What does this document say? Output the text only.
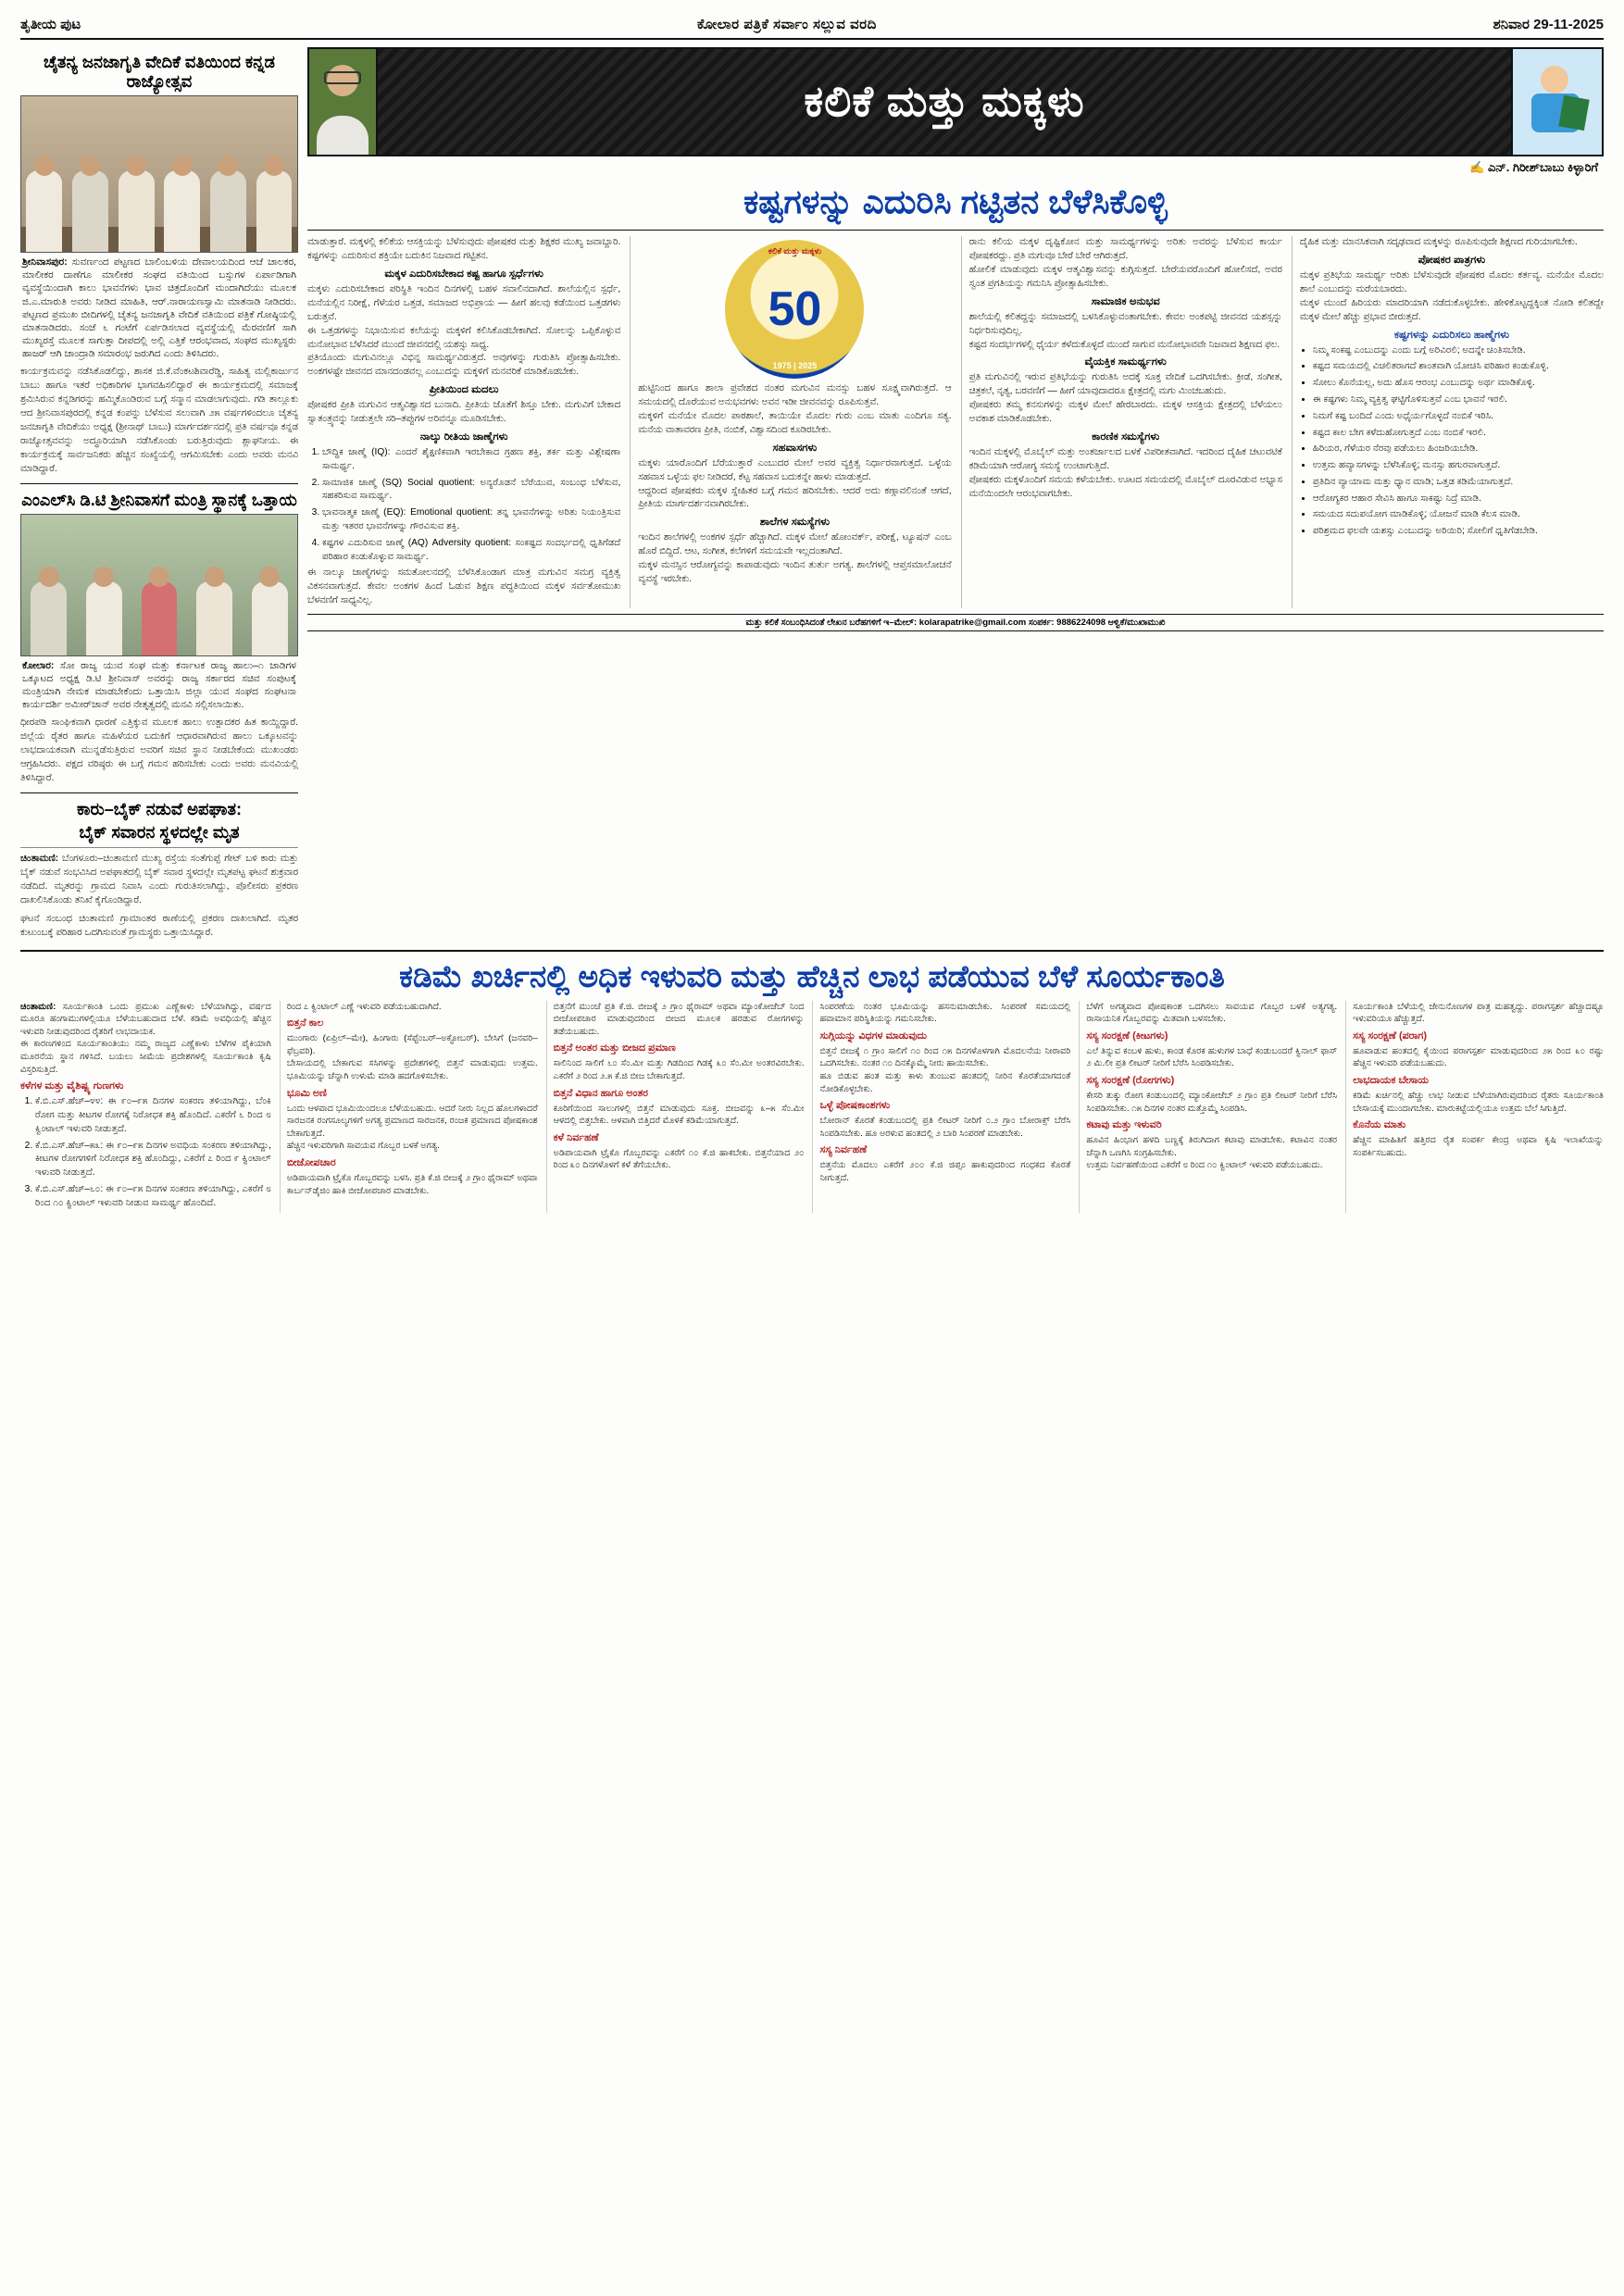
ತೃತೀಯ ಪುಟ	ಕೋಲಾರ ಪತ್ರಿಕೆ ಸರ್ವಾಂ ಸಲ್ಲುವ ವರದಿ	ಶನಿವಾರ 29-11-2025
ಚೈತನ್ಯ ಜನಜಾಗೃತಿ ವೇದಿಕೆ ವತಿಯಿಂದ ಕನ್ನಡ ರಾಜ್ಯೋತ್ಸವ
ಶ್ರೀನಿವಾಸಪುರ: ಸುವರ್ಣಂದ ಪಟ್ಟಣದ ಬಾಲಿಂಬಳಿಯ ದೇವಾಲಯದಿಂದ ಆಚೆ ಚಾಲಕರ, ಮಾಲೀಕರ ದಾಣೆಗೂ ಮಾಲೀಕರ ಸಂಘದ ವತಿಯಿಂದ ಬಸ್ಸುಗಳ ಏರ್ಪಾಡಿಗಾಗಿ ವ್ಯವಸ್ಥೆಯಿಂದಾಗಿ ಕಾಲು ಭಾವನೆಗಳು ಭಾವ ಚಿತ್ರದೊಂದಿಗೆ ಮಂದಾಗಿದೆಯು ಮೂಲಕ ಜಿ.ಎ.ಮಾರುತಿ ಅವರು ನೀಡಿದ ಮಾಹಿತಿ, ಆರ್.ನಾರಾಯಣಸ್ವಾಮಿ ಮಾತನಾಡಿ ನೀಡಿದರು. ಪಟ್ಟಣದ ಪ್ರಮುಖ ಬೀದಿಗಳಲ್ಲಿ ಚೈತನ್ಯ ಜನಜಾಗೃತಿ ವೇದಿಕೆ ವತಿಯಿಂದ ಪತ್ರಿಕೆ ಗೋಷ್ಠಿಯಲ್ಲಿ ಮಾತನಾಡಿದರು. ಸಂಜೆ ೬ ಗಂಟೆಗೆ ಏರ್ಪಡಿಸಲಾದ ವ್ಯವಸ್ಥೆಯಲ್ಲಿ ಮೆರವಣಿಗೆ ಸಾಗಿ ಮುಖ್ಯರಸ್ತೆ ಮೂಲಕ ಸಾಗುತ್ತಾ ದೀಪದಲ್ಲಿ ಅಲ್ಲಿ ಎತ್ತಿಕೆ ಆರಂಭವಾದ, ಸಂಘದ ಮುಖ್ಯಸ್ಥರು ಹಾಜರ್ ಆಗಿ ಚಾಂದ್ರಾಡಿ ಸಮಾರಂಭ ಜರುಗಿದ ಎಂದು ತಿಳಿಸಿದರು.
ಕಾರ್ಯಕ್ರಮವನ್ನು ನಡೆಸಿಕೊಡಲಿದ್ದು, ಶಾಸಕ ಜಿ.ಕೆ.ವೆಂಕಟಶಿವಾರೆಡ್ಡಿ, ಸಾಹಿತ್ಯ ಮಲ್ಲಿಕಾರ್ಜುನ ಬಾಬು ಹಾಗೂ ಇತರೆ ಅಧಿಕಾರಿಗಳ ಭಾಗವಹಿಸಲಿದ್ದಾರೆ ಈ ಕಾರ್ಯಕ್ರಮದಲ್ಲಿ ಸಮಾಜಕ್ಕೆ ಶ್ರಮಿಸಿರುವ ಕನ್ನಡಿಗರನ್ನು ಹಮ್ಮಿಕೊಂಡಿರುವ ಬಗ್ಗೆ ಸನ್ಮಾನ ಮಾಡಲಾಗುವುದು. ಗಡಿ ತಾಲ್ಲೂಕು ಆದ ಶ್ರೀನಿವಾಸಪುರದಲ್ಲಿ ಕನ್ನಡ ಕಂಪನ್ನು ಬೆಳೆಸುವ ಸಲುವಾಗಿ ೨೫ ವರ್ಷಗಳಿಂದಲೂ ಚೈತನ್ಯ ಜನಜಾಗೃತಿ ವೇದಿಕೆಯು ಅಧ್ಯಕ್ಷ (ಶ್ರೀನಾಥ್ ಬಾಬು) ಮಾರ್ಗದರ್ಶನದಲ್ಲಿ ಪ್ರತಿ ವರ್ಷವೂ ಕನ್ನಡ ರಾಜ್ಯೋತ್ಸವವನ್ನು ಅದ್ಧೂರಿಯಾಗಿ ನಡೆಸಿಕೊಂಡು ಬರುತ್ತಿರುವುದು ಶ್ಲಾಘನೀಯ. ಈ ಕಾರ್ಯಕ್ರಮಕ್ಕೆ ಸಾರ್ವಜನಿಕರು ಹೆಚ್ಚಿನ ಸಂಖ್ಯೆಯಲ್ಲಿ ಆಗಮಿಸಬೇಕು ಎಂದು ಅವರು ಮನವಿ ಮಾಡಿದ್ದಾರೆ.
ಎಂಎಲ್‌ಸಿ ಡಿ.ಟಿ ಶ್ರೀನಿವಾಸಗೆ ಮಂತ್ರಿ ಸ್ಥಾನಕ್ಕೆ ಒತ್ತಾಯ
ಕೋಲಾರ: ಸೋ ರಾಜ್ಯ ಯುವ ಸಂಘ ಮತ್ತು ಕರ್ನಾಟಕ ರಾಜ್ಯ ಹಾಲು–೧ ಜಾಡಿಗಳ ಒಕ್ಕೂಟದ ಅಧ್ಯಕ್ಷ ಡಿ.ಟಿ ಶ್ರೀನಿವಾಸ್ ಅವರನ್ನು ರಾಜ್ಯ ಸರ್ಕಾರದ ಸಚಿವ ಸಂಪುಟಕ್ಕೆ ಮಂತ್ರಿಯಾಗಿ ನೇಮಕ ಮಾಡಬೇಕೆಂದು ಒತ್ತಾಯಿಸಿ ಜಿಲ್ಲಾ ಯುವ ಸಂಘದ ಸಂಘಟನಾ ಕಾರ್ಯದರ್ಶಿ ಅಮೀರ್‌ಜಾನ್ ಅವರ ನೇತೃತ್ವದಲ್ಲಿ ಮನವಿ ಸಲ್ಲಿಸಲಾಯಿತು.
ಧೀರಪಡಿ ಸಾಂಘಿಕವಾಗಿ ಧಾರಣೆ ಎತ್ತಿಕ್ಕುವ ಮೂಲಕ ಹಾಲು ಉತ್ಪಾದಕರ ಹಿತ ಕಾಯ್ದಿದ್ದಾರೆ. ಜಿಲ್ಲೆಯ ರೈತರ ಹಾಗೂ ಮಹಿಳೆಯರ ಬದುಕಿಗೆ ಆಧಾರವಾಗಿರುವ ಹಾಲು ಒಕ್ಕೂಟವನ್ನು ಲಾಭದಾಯಕವಾಗಿ ಮುನ್ನಡೆಸುತ್ತಿರುವ ಅವರಿಗೆ ಸಚಿವ ಸ್ಥಾನ ನೀಡಬೇಕೆಂದು ಮುಖಂಡರು ಆಗ್ರಹಿಸಿದರು. ಪಕ್ಷದ ವರಿಷ್ಠರು ಈ ಬಗ್ಗೆ ಗಮನ ಹರಿಸಬೇಕು ಎಂದು ಅವರು ಮನವಿಯಲ್ಲಿ ತಿಳಿಸಿದ್ದಾರೆ.
ಕಾರು–ಬೈಕ್ ನಡುವೆ ಅಪಘಾತ:
ಬೈಕ್ ಸವಾರನ ಸ್ಥಳದಲ್ಲೇ ಮೃತ
ಚಿಂತಾಮಣಿ: ಬೆಂಗಳೂರು–ಚಿಂತಾಮಣಿ ಮುಖ್ಯ ರಸ್ತೆಯ ಸಂತೆಗುಪ್ಪೆ ಗೇಟ್ ಬಳಿ ಕಾರು ಮತ್ತು ಬೈಕ್ ನಡುವೆ ಸಂಭವಿಸಿದ ಅಪಘಾತದಲ್ಲಿ ಬೈಕ್ ಸವಾರ ಸ್ಥಳದಲ್ಲೇ ಮೃತಪಟ್ಟ ಘಟನೆ ಶುಕ್ರವಾರ ನಡೆದಿದೆ. ಮೃತರನ್ನು ಗ್ರಾಮದ ನಿವಾಸಿ ಎಂದು ಗುರುತಿಸಲಾಗಿದ್ದು, ಪೊಲೀಸರು ಪ್ರಕರಣ ದಾಖಲಿಸಿಕೊಂಡು ತನಿಖೆ ಕೈಗೊಂಡಿದ್ದಾರೆ.
ಘಟನೆ ಸಂಬಂಧ ಚಿಂತಾಮಣಿ ಗ್ರಾಮಾಂತರ ಠಾಣೆಯಲ್ಲಿ ಪ್ರಕರಣ ದಾಖಲಾಗಿದೆ. ಮೃತರ ಕುಟುಂಬಕ್ಕೆ ಪರಿಹಾರ ಒದಗಿಸುವಂತೆ ಗ್ರಾಮಸ್ಥರು ಒತ್ತಾಯಿಸಿದ್ದಾರೆ.
ಕಲಿಕೆ ಮತ್ತು ಮಕ್ಕಳು
✍ ಎನ್. ಗಿರೀಶ್‌ಬಾಬು ಕಿಳ್ಳಾರಿಗೆ
ಕಷ್ಟಗಳನ್ನು ಎದುರಿಸಿ ಗಟ್ಟಿತನ ಬೆಳೆಸಿಕೊಳ್ಳಿ
ಮಾಡುತ್ತಾರೆ. ಮಕ್ಕಳಲ್ಲಿ ಕಲಿಕೆಯ ಆಸಕ್ತಿಯನ್ನು ಬೆಳೆಸುವುದು ಪೋಷಕರ ಮತ್ತು ಶಿಕ್ಷಕರ ಮುಖ್ಯ ಜವಾಬ್ದಾರಿ. ಕಷ್ಟಗಳನ್ನು ಎದುರಿಸುವ ಶಕ್ತಿಯೇ ಬದುಕಿನ ನಿಜವಾದ ಗಟ್ಟಿತನ.
ಮಕ್ಕಳ ಎದುರಿಸಬೇಕಾದ ಕಷ್ಟ ಹಾಗೂ ಸ್ಪರ್ಧೆಗಳು
ಮಕ್ಕಳು ಎದುರಿಸಬೇಕಾದ ಪರಿಸ್ಥಿತಿ ಇಂದಿನ ದಿನಗಳಲ್ಲಿ ಬಹಳ ಸವಾಲಿನದಾಗಿದೆ. ಶಾಲೆಯಲ್ಲಿನ ಸ್ಪರ್ಧೆ, ಮನೆಯಲ್ಲಿನ ನಿರೀಕ್ಷೆ, ಗೆಳೆಯರ ಒತ್ತಡ, ಸಮಾಜದ ಅಭಿಪ್ರಾಯ — ಹೀಗೆ ಹಲವು ಕಡೆಯಿಂದ ಒತ್ತಡಗಳು ಬರುತ್ತವೆ.
ಈ ಒತ್ತಡಗಳನ್ನು ನಿಭಾಯಿಸುವ ಕಲೆಯನ್ನು ಮಕ್ಕಳಿಗೆ ಕಲಿಸಿಕೊಡಬೇಕಾಗಿದೆ. ಸೋಲನ್ನು ಒಪ್ಪಿಕೊಳ್ಳುವ ಮನೋಭಾವ ಬೆಳೆಸಿದರೆ ಮುಂದೆ ಜೀವನದಲ್ಲಿ ಯಶಸ್ಸು ಸಾಧ್ಯ.
ಪ್ರತಿಯೊಂದು ಮಗುವಿನಲ್ಲೂ ವಿಭಿನ್ನ ಸಾಮರ್ಥ್ಯವಿರುತ್ತದೆ. ಅವುಗಳನ್ನು ಗುರುತಿಸಿ ಪ್ರೋತ್ಸಾಹಿಸಬೇಕು. ಅಂಕಗಳಷ್ಟೇ ಜೀವನದ ಮಾನದಂಡವಲ್ಲ ಎಂಬುದನ್ನು ಮಕ್ಕಳಿಗೆ ಮನವರಿಕೆ ಮಾಡಿಕೊಡಬೇಕು.
ಪ್ರೀತಿಯಿಂದ ಮದಲು
ಪೋಷಕರ ಪ್ರೀತಿ ಮಗುವಿನ ಆತ್ಮವಿಶ್ವಾಸದ ಬುನಾದಿ. ಪ್ರೀತಿಯ ಜೊತೆಗೆ ಶಿಸ್ತೂ ಬೇಕು. ಮಗುವಿಗೆ ಬೇಕಾದ ಸ್ವಾತಂತ್ರ್ಯವನ್ನು ನೀಡುತ್ತಲೇ ಸರಿ–ತಪ್ಪುಗಳ ಅರಿವನ್ನೂ ಮೂಡಿಸಬೇಕು.
ನಾಲ್ಕು ರೀತಿಯ ಜಾಣ್ಮೆಗಳು
1. ಬೌದ್ಧಿಕ ಜಾಣ್ಮೆ (IQ): ಎಂದರೆ ಶೈಕ್ಷಣಿಕವಾಗಿ ಇರಬೇಕಾದ ಗ್ರಹಣ ಶಕ್ತಿ, ತರ್ಕ ಮತ್ತು ವಿಶ್ಲೇಷಣಾ ಸಾಮರ್ಥ್ಯ.
2. ಸಾಮಾಜಿಕ ಜಾಣ್ಮೆ (SQ) Social quotient: ಅನ್ಯರೊಡನೆ ಬೆರೆಯುವ, ಸಂಬಂಧ ಬೆಳೆಸುವ, ಸಹಕರಿಸುವ ಸಾಮರ್ಥ್ಯ.
3. ಭಾವನಾತ್ಮಕ ಜಾಣ್ಮೆ (EQ): Emotional quotient: ತನ್ನ ಭಾವನೆಗಳನ್ನು ಅರಿತು ನಿಯಂತ್ರಿಸುವ ಮತ್ತು ಇತರರ ಭಾವನೆಗಳನ್ನು ಗೌರವಿಸುವ ಶಕ್ತಿ.
4. ಕಷ್ಟಗಳ ಎದುರಿಸುವ ಜಾಣ್ಮೆ (AQ) Adversity quotient: ಸಂಕಷ್ಟದ ಸಂದರ್ಭದಲ್ಲಿ ಧೃತಿಗೆಡದೆ ಪರಿಹಾರ ಕಂಡುಕೊಳ್ಳುವ ಸಾಮರ್ಥ್ಯ.
ಈ ನಾಲ್ಕೂ ಜಾಣ್ಮೆಗಳನ್ನು ಸಮತೋಲನದಲ್ಲಿ ಬೆಳೆಸಿಕೊಂಡಾಗ ಮಾತ್ರ ಮಗುವಿನ ಸಮಗ್ರ ವ್ಯಕ್ತಿತ್ವ ವಿಕಸನವಾಗುತ್ತದೆ. ಕೇವಲ ಅಂಕಗಳ ಹಿಂದೆ ಓಡುವ ಶಿಕ್ಷಣ ಪದ್ಧತಿಯಿಂದ ಮಕ್ಕಳ ಸರ್ವತೋಮುಖ ಬೆಳವಣಿಗೆ ಸಾಧ್ಯವಿಲ್ಲ.
ಕಲಿಕೆ ಮತ್ತು ಮಕ್ಕಳು
50
1975 | 2025
ಹುಟ್ಟಿನಿಂದ ಹಾಗೂ ಶಾಲಾ ಪ್ರವೇಶದ ನಂತರ ಮಗುವಿನ ಮನಸ್ಸು ಬಹಳ ಸೂಕ್ಷ್ಮವಾಗಿರುತ್ತದೆ. ಆ ಸಮಯದಲ್ಲಿ ದೊರೆಯುವ ಅನುಭವಗಳು ಅವನ ಇಡೀ ಜೀವನವನ್ನು ರೂಪಿಸುತ್ತವೆ.
ಮಕ್ಕಳಿಗೆ ಮನೆಯೇ ಮೊದಲ ಪಾಠಶಾಲೆ, ತಾಯಿಯೇ ಮೊದಲ ಗುರು ಎಂಬ ಮಾತು ಎಂದಿಗೂ ಸತ್ಯ. ಮನೆಯ ವಾತಾವರಣ ಪ್ರೀತಿ, ನಂಬಿಕೆ, ವಿಶ್ವಾಸದಿಂದ ಕೂಡಿರಬೇಕು.
ಸಹವಾಸಗಳು
ಮಕ್ಕಳು ಯಾರೊಂದಿಗೆ ಬೆರೆಯುತ್ತಾರೆ ಎಂಬುದರ ಮೇಲೆ ಅವರ ವ್ಯಕ್ತಿತ್ವ ನಿರ್ಧಾರವಾಗುತ್ತದೆ. ಒಳ್ಳೆಯ ಸಹವಾಸ ಒಳ್ಳೆಯ ಫಲ ನೀಡಿದರೆ, ಕೆಟ್ಟ ಸಹವಾಸ ಬದುಕನ್ನೇ ಹಾಳು ಮಾಡುತ್ತದೆ.
ಆದ್ದರಿಂದ ಪೋಷಕರು ಮಕ್ಕಳ ಸ್ನೇಹಿತರ ಬಗ್ಗೆ ಗಮನ ಹರಿಸಬೇಕು. ಆದರೆ ಅದು ಕಣ್ಗಾವಲಿನಂತೆ ಆಗದೆ, ಪ್ರೀತಿಯ ಮಾರ್ಗದರ್ಶನವಾಗಿರಬೇಕು.
ಶಾಲೆಗಳ ಸಮಸ್ಯೆಗಳು
ಇಂದಿನ ಶಾಲೆಗಳಲ್ಲಿ ಅಂಕಗಳ ಸ್ಪರ್ಧೆ ಹೆಚ್ಚಾಗಿದೆ. ಮಕ್ಕಳ ಮೇಲೆ ಹೋಂವರ್ಕ್, ಪರೀಕ್ಷೆ, ಟ್ಯೂಷನ್ ಎಂಬ ಹೊರೆ ಬಿದ್ದಿದೆ. ಆಟ, ಸಂಗೀತ, ಕಲೆಗಳಿಗೆ ಸಮಯವೇ ಇಲ್ಲದಂತಾಗಿದೆ.
ಮಕ್ಕಳ ಮನಸ್ಸಿನ ಆರೋಗ್ಯವನ್ನು ಕಾಪಾಡುವುದು ಇಂದಿನ ತುರ್ತು ಅಗತ್ಯ. ಶಾಲೆಗಳಲ್ಲಿ ಆಪ್ತಸಮಾಲೋಚನೆ ವ್ಯವಸ್ಥೆ ಇರಬೇಕು.
ರಾನು ಕಲಿಯ ಮಕ್ಕಳ ದೃಷ್ಟಿಕೋನ ಮತ್ತು ಸಾಮರ್ಥ್ಯಗಳನ್ನು ಅರಿತು ಅವರನ್ನು ಬೆಳೆಸುವ ಕಾರ್ಯ ಪೋಷಕರದ್ದು. ಪ್ರತಿ ಮಗುವೂ ಬೇರೆ ಬೇರೆ ಆಗಿರುತ್ತದೆ.
ಹೋಲಿಕೆ ಮಾಡುವುದು ಮಕ್ಕಳ ಆತ್ಮವಿಶ್ವಾಸವನ್ನು ಕುಗ್ಗಿಸುತ್ತದೆ. ಬೇರೆಯವರೊಂದಿಗೆ ಹೋಲಿಸದೆ, ಅವರ ಸ್ವಂತ ಪ್ರಗತಿಯನ್ನು ಗಮನಿಸಿ ಪ್ರೋತ್ಸಾಹಿಸಬೇಕು.
ಸಾಮಾಜಿಕ ಅನುಭವ
ಶಾಲೆಯಲ್ಲಿ ಕಲಿತದ್ದನ್ನು ಸಮಾಜದಲ್ಲಿ ಬಳಸಿಕೊಳ್ಳುವಂತಾಗಬೇಕು. ಕೇವಲ ಅಂಕಪಟ್ಟಿ ಜೀವನದ ಯಶಸ್ಸನ್ನು ನಿರ್ಧರಿಸುವುದಿಲ್ಲ.
ಕಷ್ಟದ ಸಂದರ್ಭಗಳಲ್ಲಿ ಧೈರ್ಯ ಕಳೆದುಕೊಳ್ಳದೆ ಮುಂದೆ ಸಾಗುವ ಮನೋಭಾವವೇ ನಿಜವಾದ ಶಿಕ್ಷಣದ ಫಲ.
ವೈಯಕ್ತಿಕ ಸಾಮರ್ಥ್ಯಗಳು
ಪ್ರತಿ ಮಗುವಿನಲ್ಲಿ ಇರುವ ಪ್ರತಿಭೆಯನ್ನು ಗುರುತಿಸಿ ಅದಕ್ಕೆ ಸೂಕ್ತ ವೇದಿಕೆ ಒದಗಿಸಬೇಕು. ಕ್ರೀಡೆ, ಸಂಗೀತ, ಚಿತ್ರಕಲೆ, ನೃತ್ಯ, ಬರವಣಿಗೆ — ಹೀಗೆ ಯಾವುದಾದರೂ ಕ್ಷೇತ್ರದಲ್ಲಿ ಮಗು ಮಿಂಚಬಹುದು.
ಪೋಷಕರು ತಮ್ಮ ಕನಸುಗಳನ್ನು ಮಕ್ಕಳ ಮೇಲೆ ಹೇರಬಾರದು. ಮಕ್ಕಳ ಆಸಕ್ತಿಯ ಕ್ಷೇತ್ರದಲ್ಲಿ ಬೆಳೆಯಲು ಅವಕಾಶ ಮಾಡಿಕೊಡಬೇಕು.
ಕಾರಣಿಕ ಸಮಸ್ಯೆಗಳು
ಇಂದಿನ ಮಕ್ಕಳಲ್ಲಿ ಮೊಬೈಲ್ ಮತ್ತು ಅಂತರ್ಜಾಲದ ಬಳಕೆ ವಿಪರೀತವಾಗಿದೆ. ಇದರಿಂದ ದೈಹಿಕ ಚಟುವಟಿಕೆ ಕಡಿಮೆಯಾಗಿ ಆರೋಗ್ಯ ಸಮಸ್ಯೆ ಉಂಟಾಗುತ್ತಿದೆ.
ಪೋಷಕರು ಮಕ್ಕಳೊಂದಿಗೆ ಸಮಯ ಕಳೆಯಬೇಕು. ಊಟದ ಸಮಯದಲ್ಲಿ ಮೊಬೈಲ್ ದೂರವಿಡುವ ಅಭ್ಯಾಸ ಮನೆಯಿಂದಲೇ ಆರಂಭವಾಗಬೇಕು.
ದೈಹಿಕ ಮತ್ತು ಮಾನಸಿಕವಾಗಿ ಸದೃಢವಾದ ಮಕ್ಕಳನ್ನು ರೂಪಿಸುವುದೇ ಶಿಕ್ಷಣದ ಗುರಿಯಾಗಬೇಕು.
ಪೋಷಕರ ಪಾತ್ರಗಳು
ಮಕ್ಕಳ ಪ್ರತಿಭೆಯ ಸಾಮರ್ಥ್ಯ ಅರಿತು ಬೆಳೆಸುವುದೇ ಪೋಷಕರ ಮೊದಲ ಕರ್ತವ್ಯ. ಮನೆಯೇ ಮೊದಲ ಶಾಲೆ ಎಂಬುದನ್ನು ಮರೆಯಬಾರದು.
ಮಕ್ಕಳ ಮುಂದೆ ಹಿರಿಯರು ಮಾದರಿಯಾಗಿ ನಡೆದುಕೊಳ್ಳಬೇಕು. ಹೇಳಿಕೊಟ್ಟದ್ದಕ್ಕಿಂತ ನೋಡಿ ಕಲಿತದ್ದೇ ಮಕ್ಕಳ ಮೇಲೆ ಹೆಚ್ಚು ಪ್ರಭಾವ ಬೀರುತ್ತದೆ.
ಕಷ್ಟಗಳನ್ನು ಎದುರಿಸಲು ಹಾಣ್ಮೆಗಳು
• ನಿಮ್ಮ ಸಂಕಷ್ಟ ಎಂಬುದನ್ನು ಎಂದು ಬಗ್ಗೆ ಅರಿವಿರಲಿ; ಅದನ್ನೇ ಚಿಂತಿಸಬೇಡಿ.
• ಕಷ್ಟದ ಸಮಯದಲ್ಲಿ ವಿಚಲಿತರಾಗದೆ ಶಾಂತವಾಗಿ ಯೋಚಿಸಿ ಪರಿಹಾರ ಕಂಡುಕೊಳ್ಳಿ.
• ಸೋಲು ಕೊನೆಯಲ್ಲ, ಅದು ಹೊಸ ಆರಂಭ ಎಂಬುದನ್ನು ಅರ್ಥ ಮಾಡಿಕೊಳ್ಳಿ.
• ಈ ಕಷ್ಟಗಳು ನಿಮ್ಮ ವ್ಯಕ್ತಿತ್ವ ಘಟ್ಟಿಗೊಳಿಸುತ್ತವೆ ಎಂಬ ಭಾವನೆ ಇರಲಿ.
• ನಿಮಗೆ ಕಷ್ಟ ಬಂದಿದೆ ಎಂದು ಅಧೈರ್ಯಗೊಳ್ಳದೆ ನಂಬಿಕೆ ಇರಿಸಿ.
• ಕಷ್ಟದ ಕಾಲ ಬೇಗ ಕಳೆದುಹೋಗುತ್ತದೆ ಎಂಬ ನಂಬಿಕೆ ಇರಲಿ.
• ಹಿರಿಯರ, ಗೆಳೆಯರ ನೆರವು ಪಡೆಯಲು ಹಿಂಜರಿಯಬೇಡಿ.
• ಉತ್ತಮ ಹವ್ಯಾಸಗಳನ್ನು ಬೆಳೆಸಿಕೊಳ್ಳಿ; ಮನಸ್ಸು ಹಗುರವಾಗುತ್ತದೆ.
• ಪ್ರತಿದಿನ ವ್ಯಾಯಾಮ ಮತ್ತು ಧ್ಯಾನ ಮಾಡಿ; ಒತ್ತಡ ಕಡಿಮೆಯಾಗುತ್ತದೆ.
• ಆರೋಗ್ಯಕರ ಆಹಾರ ಸೇವಿಸಿ ಹಾಗೂ ಸಾಕಷ್ಟು ನಿದ್ರೆ ಮಾಡಿ.
• ಸಮಯದ ಸದುಪಯೋಗ ಮಾಡಿಕೊಳ್ಳಿ; ಯೋಜನೆ ಮಾಡಿ ಕೆಲಸ ಮಾಡಿ.
• ಪರಿಶ್ರಮದ ಫಲವೇ ಯಶಸ್ಸು ಎಂಬುದನ್ನು ಅರಿಯಿರಿ; ಸೋಲಿಗೆ ಧೃತಿಗೆಡಬೇಡಿ.
ಮತ್ತು ಕಲಿಕೆ ಸಂಬಂಧಿಸಿದಂತೆ ಲೇಖನ ಬರೆಹಗಳಿಗೆ ಇ–ಮೇಲ್: kolarapatrike@gmail.com ಸಂಪರ್ಕ: 9886224098 ಆಳ್ವಿಕೆ/ಮುಖಾಮುಖಿ
ಕಡಿಮೆ ಖರ್ಚಿನಲ್ಲಿ ಅಧಿಕ ಇಳುವರಿ ಮತ್ತು ಹೆಚ್ಚಿನ ಲಾಭ ಪಡೆಯುವ ಬೆಳೆ ಸೂರ್ಯಕಾಂತಿ
ಚಿಂತಾಮಣಿ: ಸೂರ್ಯಕಾಂತಿ ಒಂದು ಪ್ರಮುಖ ಎಣ್ಣೆಕಾಳು ಬೆಳೆಯಾಗಿದ್ದು, ವರ್ಷದ ಮೂರೂ ಹಂಗಾಮುಗಳಲ್ಲಿಯೂ ಬೆಳೆಯಬಹುದಾದ ಬೆಳೆ. ಕಡಿಮೆ ಅವಧಿಯಲ್ಲಿ ಹೆಚ್ಚಿನ ಇಳುವರಿ ನೀಡುವುದರಿಂದ ರೈತರಿಗೆ ಲಾಭದಾಯಕ.
ಈ ಕಾರಣಗಳಿಂದ ಸೂರ್ಯಕಾಂತಿಯು ನಮ್ಮ ರಾಜ್ಯದ ಎಣ್ಣೆಕಾಳು ಬೆಳೆಗಳ ಪೈಕಿಯಾಗಿ ಮೂರನೆಯ ಸ್ಥಾನ ಗಳಿಸಿದೆ. ಬಯಲು ಸೀಮೆಯ ಪ್ರದೇಶಗಳಲ್ಲಿ ಸೂರ್ಯಕಾಂತಿ ಕೃಷಿ ವಿಸ್ತರಿಸುತ್ತಿದೆ.
ಕಳೆಗಳ ಮತ್ತು ವೈಶಿಷ್ಟ್ಯ ಗುಣಗಳು
1. ಕೆ.ಬಿ.ಎಸ್.ಹೆಚ್–೪೪: ಈ ೯೦–೯೫ ದಿನಗಳ ಸಂಕರಣ ತಳಿಯಾಗಿದ್ದು, ಬೆಂಕಿ ರೋಗ ಮತ್ತು ಕೀಟಗಳ ರೋಗಕ್ಕೆ ನಿರೋಧಕ ಶಕ್ತಿ ಹೊಂದಿದೆ. ಎಕರೆಗೆ ೬ ರಿಂದ ೮ ಕ್ವಿಂಟಾಲ್ ಇಳುವರಿ ನೀಡುತ್ತದೆ.
2. ಕೆ.ಬಿ.ಎಸ್.ಹೆಚ್–೫೩: ಈ ೯೦–೯೫ ದಿನಗಳ ಅವಧಿಯ ಸಂಕರಣ ತಳಿಯಾಗಿದ್ದು, ಕೀಟಗಳ ರೋಗಗಳಿಗೆ ನಿರೋಧಕ ಶಕ್ತಿ ಹೊಂದಿದ್ದು, ಎಕರೆಗೆ ೭ ರಿಂದ ೯ ಕ್ವಿಂಟಾಲ್ ಇಳುವರಿ ನೀಡುತ್ತದೆ.
3. ಕೆ.ಬಿ.ಎಸ್.ಹೆಚ್–೬೦: ಈ ೯೦–೯೫ ದಿನಗಳ ಸಂಕರಣ ತಳಿಯಾಗಿದ್ದು, ಎಕರೆಗೆ ೮ ರಿಂದ ೧೦ ಕ್ವಿಂಟಾಲ್ ಇಳುವರಿ ನೀಡುವ ಸಾಮರ್ಥ್ಯ ಹೊಂದಿದೆ.
ರಿಂದ ೭ ಕ್ವಿಂಟಾಲ್ ಎಣ್ಣೆ ಇಳುವರಿ ಪಡೆಯಬಹುದಾಗಿದೆ.
ಬಿತ್ತನೆ ಕಾಲ
ಮುಂಗಾರು (ಏಪ್ರಿಲ್–ಮೇ), ಹಿಂಗಾರು (ಸೆಪ್ಟೆಂಬರ್–ಅಕ್ಟೋಬರ್), ಬೇಸಿಗೆ (ಜನವರಿ–ಫೆಬ್ರವರಿ).
ಬೇಸಾಯದಲ್ಲಿ ಬೇಕಾಗುವ ಸಸಿಗಳನ್ನು ಪ್ರದೇಶಗಳಲ್ಲಿ ಬಿತ್ತನೆ ಮಾಡುವುದು ಉತ್ತಮ. ಭೂಮಿಯನ್ನು ಚೆನ್ನಾಗಿ ಉಳುಮೆ ಮಾಡಿ ಹದಗೊಳಿಸಬೇಕು.
ಭೂಮಿ ಅಣಿ
ಒಂದು ಆಳವಾದ ಭೂಮಿಯಿಂದಲೂ ಬೆಳೆಯಬಹುದು. ಆದರೆ ನೀರು ನಿಲ್ಲದ ಹೊಲಗಳಾದರೆ ಸಾರಜನಕ ರಂಗಸೂಲ್ಯಗಳಿಗೆ ಅಗತ್ಯ ಪ್ರಮಾಣದ ಸಾರಜನಕ, ರಂಜಕ ಪ್ರಮಾಣದ ಪೋಷಕಾಂಶ ಬೇಕಾಗುತ್ತದೆ.
ಹೆಚ್ಚಿನ ಇಳುವರಿಗಾಗಿ ಸಾವಯವ ಗೊಬ್ಬರ ಬಳಕೆ ಅಗತ್ಯ.
ಬೀಜೋಪಚಾರ
ಅಡಿಪಾಯವಾಗಿ ಟ್ರೈಕೊ ಗೊಬ್ಬರವನ್ನು ಬಳಸಿ. ಪ್ರತಿ ಕೆ.ಜಿ ಬೀಜಕ್ಕೆ ೨ ಗ್ರಾಂ ಥೈರಾಮ್ ಅಥವಾ ಕಾರ್ಬನ್‌ಡೈಜಿಂ ಹಾಕಿ ಬೀಜೋಪಚಾರ ಮಾಡಬೇಕು.
ಬಿತ್ತನೆಗೆ ಮುಂಚೆ ಪ್ರತಿ ಕೆ.ಜಿ. ಬೀಜಕ್ಕೆ ೨ ಗ್ರಾಂ ಥೈರಾಮ್ ಅಥವಾ ಮ್ಯಾಂಕೋಜೆಬ್ ನಿಂದ ಬೀಜೋಪಚಾರ ಮಾಡುವುದರಿಂದ ಬೀಜದ ಮೂಲಕ ಹರಡುವ ರೋಗಗಳನ್ನು ತಡೆಯಬಹುದು.
ಬಿತ್ತನೆ ಅಂತರ ಮತ್ತು ಬೀಜದ ಪ್ರಮಾಣ
ಸಾಲಿನಿಂದ ಸಾಲಿಗೆ ೬೦ ಸೆಂ.ಮೀ ಮತ್ತು ಗಿಡದಿಂದ ಗಿಡಕ್ಕೆ ೩೦ ಸೆಂ.ಮೀ ಅಂತರವಿರಬೇಕು. ಎಕರೆಗೆ ೨ ರಿಂದ ೨.೫ ಕೆ.ಜಿ ಬೀಜ ಬೇಕಾಗುತ್ತದೆ.
ಬಿತ್ತನೆ ವಿಧಾನ ಹಾಗೂ ಅಂತರ
ಕೂರಿಗೆಯಿಂದ ಸಾಲುಗಳಲ್ಲಿ ಬಿತ್ತನೆ ಮಾಡುವುದು ಸೂಕ್ತ. ಬೀಜವನ್ನು ೩–೫ ಸೆಂ.ಮೀ ಆಳದಲ್ಲಿ ಬಿತ್ತಬೇಕು. ಆಳವಾಗಿ ಬಿತ್ತಿದರೆ ಮೊಳಕೆ ಕಡಿಮೆಯಾಗುತ್ತದೆ.
ಕಳೆ ನಿರ್ವಹಣೆ
ಅಡಿಪಾಯವಾಗಿ ಟ್ರೈಕೊ ಗೊಬ್ಬರವನ್ನು ಎಕರೆಗೆ ೧೦ ಕೆ.ಜಿ ಹಾಕಬೇಕು. ಬಿತ್ತನೆಯಾದ ೨೦ ರಿಂದ ೩೦ ದಿನಗಳೊಳಗೆ ಕಳೆ ತೆಗೆಯಬೇಕು.
ಸಿಂಪರಣೆಯ ನಂತರ ಭೂಮಿಯನ್ನು ಹಸನುಮಾಡಬೇಕು. ಸಿಂಪರಣೆ ಸಮಯದಲ್ಲಿ ಹವಾಮಾನ ಪರಿಸ್ಥಿತಿಯನ್ನು ಗಮನಿಸಬೇಕು.
ಸುಗ್ಗಿಯನ್ನು ವಿಧಗಳ ಮಾಡುವುದು
ಬಿತ್ತನೆ ಬೀಜಕ್ಕೆ ೧ ಗ್ರಾಂ ಸಾಲಿಗೆ ೧೦ ರಿಂದ ೧೫ ದಿನಗಳೊಳಗಾಗಿ ಮೊದಲನೆಯ ನೀರಾವರಿ ಒದಗಿಸಬೇಕು. ನಂತರ ೧೦ ದಿನಕ್ಕೊಮ್ಮೆ ನೀರು ಹಾಯಿಸಬೇಕು.
ಹೂ ಬಿಡುವ ಹಂತ ಮತ್ತು ಕಾಳು ತುಂಬುವ ಹಂತದಲ್ಲಿ ನೀರಿನ ಕೊರತೆಯಾಗದಂತೆ ನೋಡಿಕೊಳ್ಳಬೇಕು.
ಒಳ್ಳೆ ಪೋಷಕಾಂಶಗಳು
ಬೋರಾನ್ ಕೊರತೆ ಕಂಡುಬಂದಲ್ಲಿ ಪ್ರತಿ ಲೀಟರ್ ನೀರಿಗೆ ೦.೨ ಗ್ರಾಂ ಬೋರಾಕ್ಸ್ ಬೆರೆಸಿ ಸಿಂಪಡಿಸಬೇಕು. ಹೂ ಅರಳುವ ಹಂತದಲ್ಲಿ ೨ ಬಾರಿ ಸಿಂಪರಣೆ ಮಾಡಬೇಕು.
ಸಸ್ಯ ನಿರ್ವಹಣೆ
ಬಿತ್ತನೆಯ ಮೊದಲು ಎಕರೆಗೆ ೨೦೦ ಕೆ.ಜಿ ಜಿಪ್ಸಂ ಹಾಕುವುದರಿಂದ ಗಂಧಕದ ಕೊರತೆ ನೀಗುತ್ತದೆ.
ಬೆಳೆಗೆ ಅಗತ್ಯವಾದ ಪೋಷಕಾಂಶ ಒದಗಿಸಲು ಸಾವಯವ ಗೊಬ್ಬರ ಬಳಕೆ ಅತ್ಯಗತ್ಯ. ರಾಸಾಯನಿಕ ಗೊಬ್ಬರವನ್ನು ಮಿತವಾಗಿ ಬಳಸಬೇಕು.
ಸಸ್ಯ ಸಂರಕ್ಷಣೆ (ಕೀಟಗಳು)
ಎಲೆ ತಿನ್ನುವ ಕಂಬಳಿ ಹುಳು, ಕಾಂಡ ಕೊರಕ ಹುಳುಗಳ ಬಾಧೆ ಕಂಡುಬಂದರೆ ಕ್ವಿನಾಲ್ ಫಾಸ್ ೨ ಮಿ.ಲೀ ಪ್ರತಿ ಲೀಟರ್ ನೀರಿಗೆ ಬೆರೆಸಿ ಸಿಂಪಡಿಸಬೇಕು.
ಸಸ್ಯ ಸಂರಕ್ಷಣೆ (ರೋಗಗಳು)
ಕೇಸರಿ ತುಕ್ಕು ರೋಗ ಕಂಡುಬಂದಲ್ಲಿ ಮ್ಯಾಂಕೋಜೆಬ್ ೨ ಗ್ರಾಂ ಪ್ರತಿ ಲೀಟರ್ ನೀರಿಗೆ ಬೆರೆಸಿ ಸಿಂಪಡಿಸಬೇಕು. ೧೫ ದಿನಗಳ ನಂತರ ಮತ್ತೊಮ್ಮೆ ಸಿಂಪಡಿಸಿ.
ಕಟಾವು ಮತ್ತು ಇಳುವರಿ
ಹೂವಿನ ಹಿಂಭಾಗ ಹಳದಿ ಬಣ್ಣಕ್ಕೆ ತಿರುಗಿದಾಗ ಕಟಾವು ಮಾಡಬೇಕು. ಕಟಾವಿನ ನಂತರ ಚೆನ್ನಾಗಿ ಒಣಗಿಸಿ ಸಂಗ್ರಹಿಸಬೇಕು.
ಉತ್ತಮ ನಿರ್ವಹಣೆಯಿಂದ ಎಕರೆಗೆ ೮ ರಿಂದ ೧೦ ಕ್ವಿಂಟಾಲ್ ಇಳುವರಿ ಪಡೆಯಬಹುದು.
ಸೂರ್ಯಕಾಂತಿ ಬೆಳೆಯಲ್ಲಿ ಜೇನುನೊಣಗಳ ಪಾತ್ರ ಮಹತ್ವದ್ದು. ಪರಾಗಸ್ಪರ್ಶ ಹೆಚ್ಚಾದಷ್ಟೂ ಇಳುವರಿಯೂ ಹೆಚ್ಚುತ್ತದೆ.
ಸಸ್ಯ ಸಂರಕ್ಷಣೆ (ಪರಾಗ)
ಹೂವಾಡುವ ಹಂತದಲ್ಲಿ ಕೈಯಿಂದ ಪರಾಗಸ್ಪರ್ಶ ಮಾಡುವುದರಿಂದ ೨೫ ರಿಂದ ೩೦ ರಷ್ಟು ಹೆಚ್ಚಿನ ಇಳುವರಿ ಪಡೆಯಬಹುದು.
ಲಾಭದಾಯಕ ಬೇಸಾಯ
ಕಡಿಮೆ ಖರ್ಚಿನಲ್ಲಿ ಹೆಚ್ಚು ಲಾಭ ನೀಡುವ ಬೆಳೆಯಾಗಿರುವುದರಿಂದ ರೈತರು ಸೂರ್ಯಕಾಂತಿ ಬೇಸಾಯಕ್ಕೆ ಮುಂದಾಗಬೇಕು. ಮಾರುಕಟ್ಟೆಯಲ್ಲಿಯೂ ಉತ್ತಮ ಬೆಲೆ ಸಿಗುತ್ತಿದೆ.
ಕೊನೆಯ ಮಾತು
ಹೆಚ್ಚಿನ ಮಾಹಿತಿಗೆ ಹತ್ತಿರದ ರೈತ ಸಂಪರ್ಕ ಕೇಂದ್ರ ಅಥವಾ ಕೃಷಿ ಇಲಾಖೆಯನ್ನು ಸಂಪರ್ಕಿಸಬಹುದು.
